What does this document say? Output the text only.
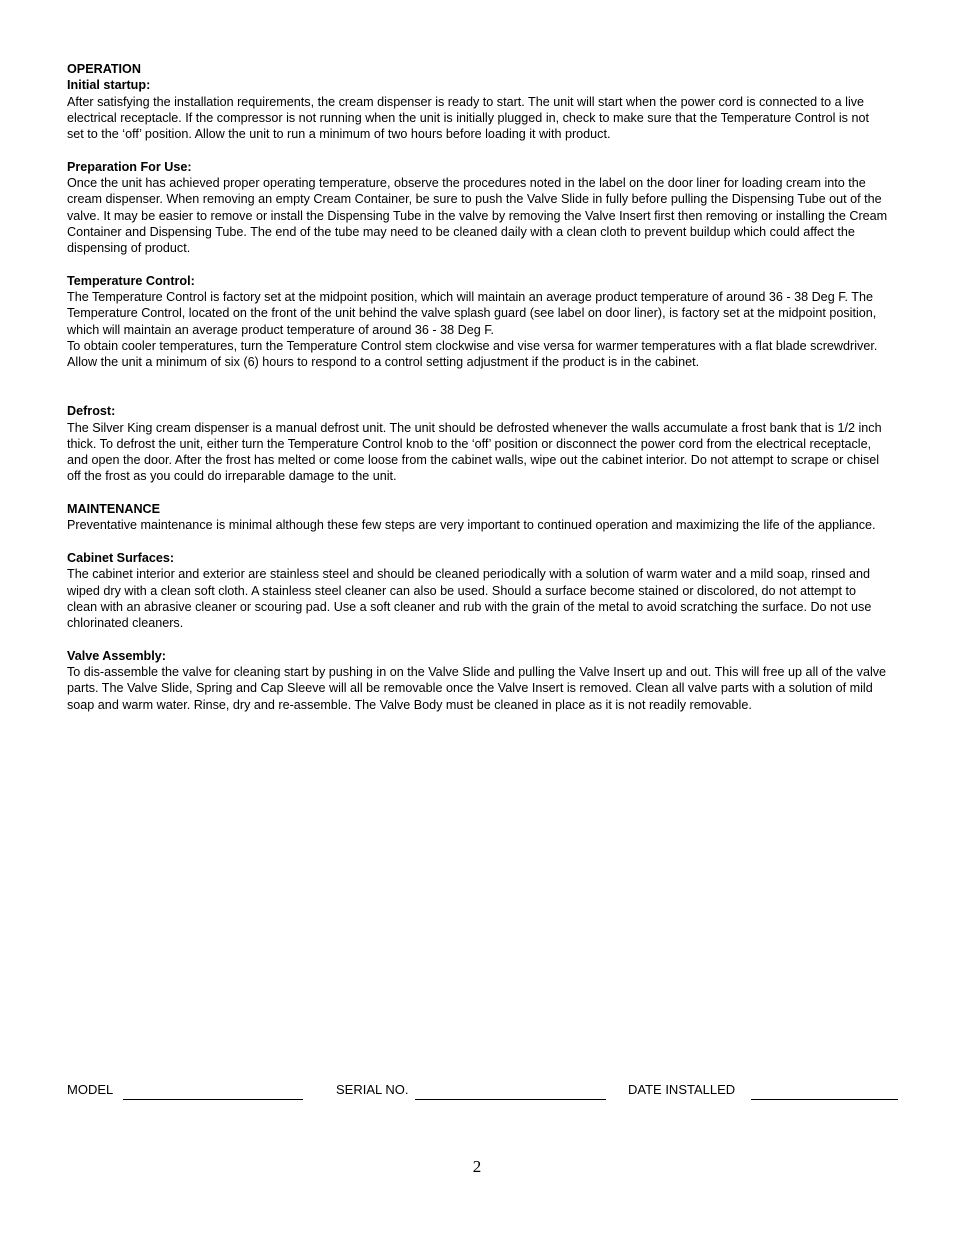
OPERATION

Initial startup:

After satisfying the installation requirements, the cream dispenser is ready to start. The unit will start when the power cord is connected to a live electrical receptacle. If the compressor is not running when the unit is initially plugged in, check to make sure that the Temperature Control is not set to the ‘off’ position. Allow the unit to run a minimum of two hours before loading it with product.

Preparation For Use:

Once the unit has achieved proper operating temperature, observe the procedures noted in the label on the door liner for loading cream into the cream dispenser. When removing an empty Cream Container, be sure to push the Valve Slide in fully before pulling the Dispensing Tube out of the valve. It may be easier to remove or install the Dispensing Tube in the valve by removing the Valve Insert first then removing or installing the Cream Container and Dispensing Tube. The end of the tube may need to be cleaned daily with a clean cloth to prevent buildup which could affect the dispensing of product.

Temperature Control:

The Temperature Control is factory set at the midpoint position, which will maintain an average product temperature of around 36 - 38 Deg F. The Temperature Control, located on the front of the unit behind the valve splash guard (see label on door liner), is factory set at the midpoint position, which will maintain an average product temperature of around 36 - 38 Deg F.

To obtain cooler temperatures, turn the Temperature Control stem clockwise and vise versa for warmer temperatures with a flat blade screwdriver. Allow the unit a minimum of six (6) hours to respond to a control setting adjustment if the product is in the cabinet.

Defrost:

The Silver King cream dispenser is a manual defrost unit. The unit should be defrosted whenever the walls accumulate a frost bank that is 1/2 inch thick. To defrost the unit, either turn the Temperature Control knob to the ‘off’ position or disconnect the power cord from the electrical receptacle, and open the door. After the frost has melted or come loose from the cabinet walls, wipe out the cabinet interior. Do not attempt to scrape or chisel off the frost as you could do irreparable damage to the unit.

MAINTENANCE

Preventative maintenance is minimal although these few steps are very important to continued operation and maximizing the life of the appliance.

Cabinet Surfaces:

The cabinet interior and exterior are stainless steel and should be cleaned periodically with a solution of warm water and a mild soap, rinsed and wiped dry with a clean soft cloth. A stainless steel cleaner can also be used. Should a surface become stained or discolored, do not attempt to clean with an abrasive cleaner or scouring pad. Use a soft cleaner and rub with the grain of the metal to avoid scratching the surface. Do not use chlorinated cleaners.

Valve Assembly:

To dis-assemble the valve for cleaning start by pushing in on the Valve Slide and pulling the Valve Insert up and out. This will free up all of the valve parts. The Valve Slide, Spring and Cap Sleeve will all be removable once the Valve Insert is removed. Clean all valve parts with a solution of mild soap and warm water. Rinse, dry and re-assemble. The Valve Body must be cleaned in place as it is not readily removable.

MODEL	SERIAL NO.	DATE INSTALLED
2
